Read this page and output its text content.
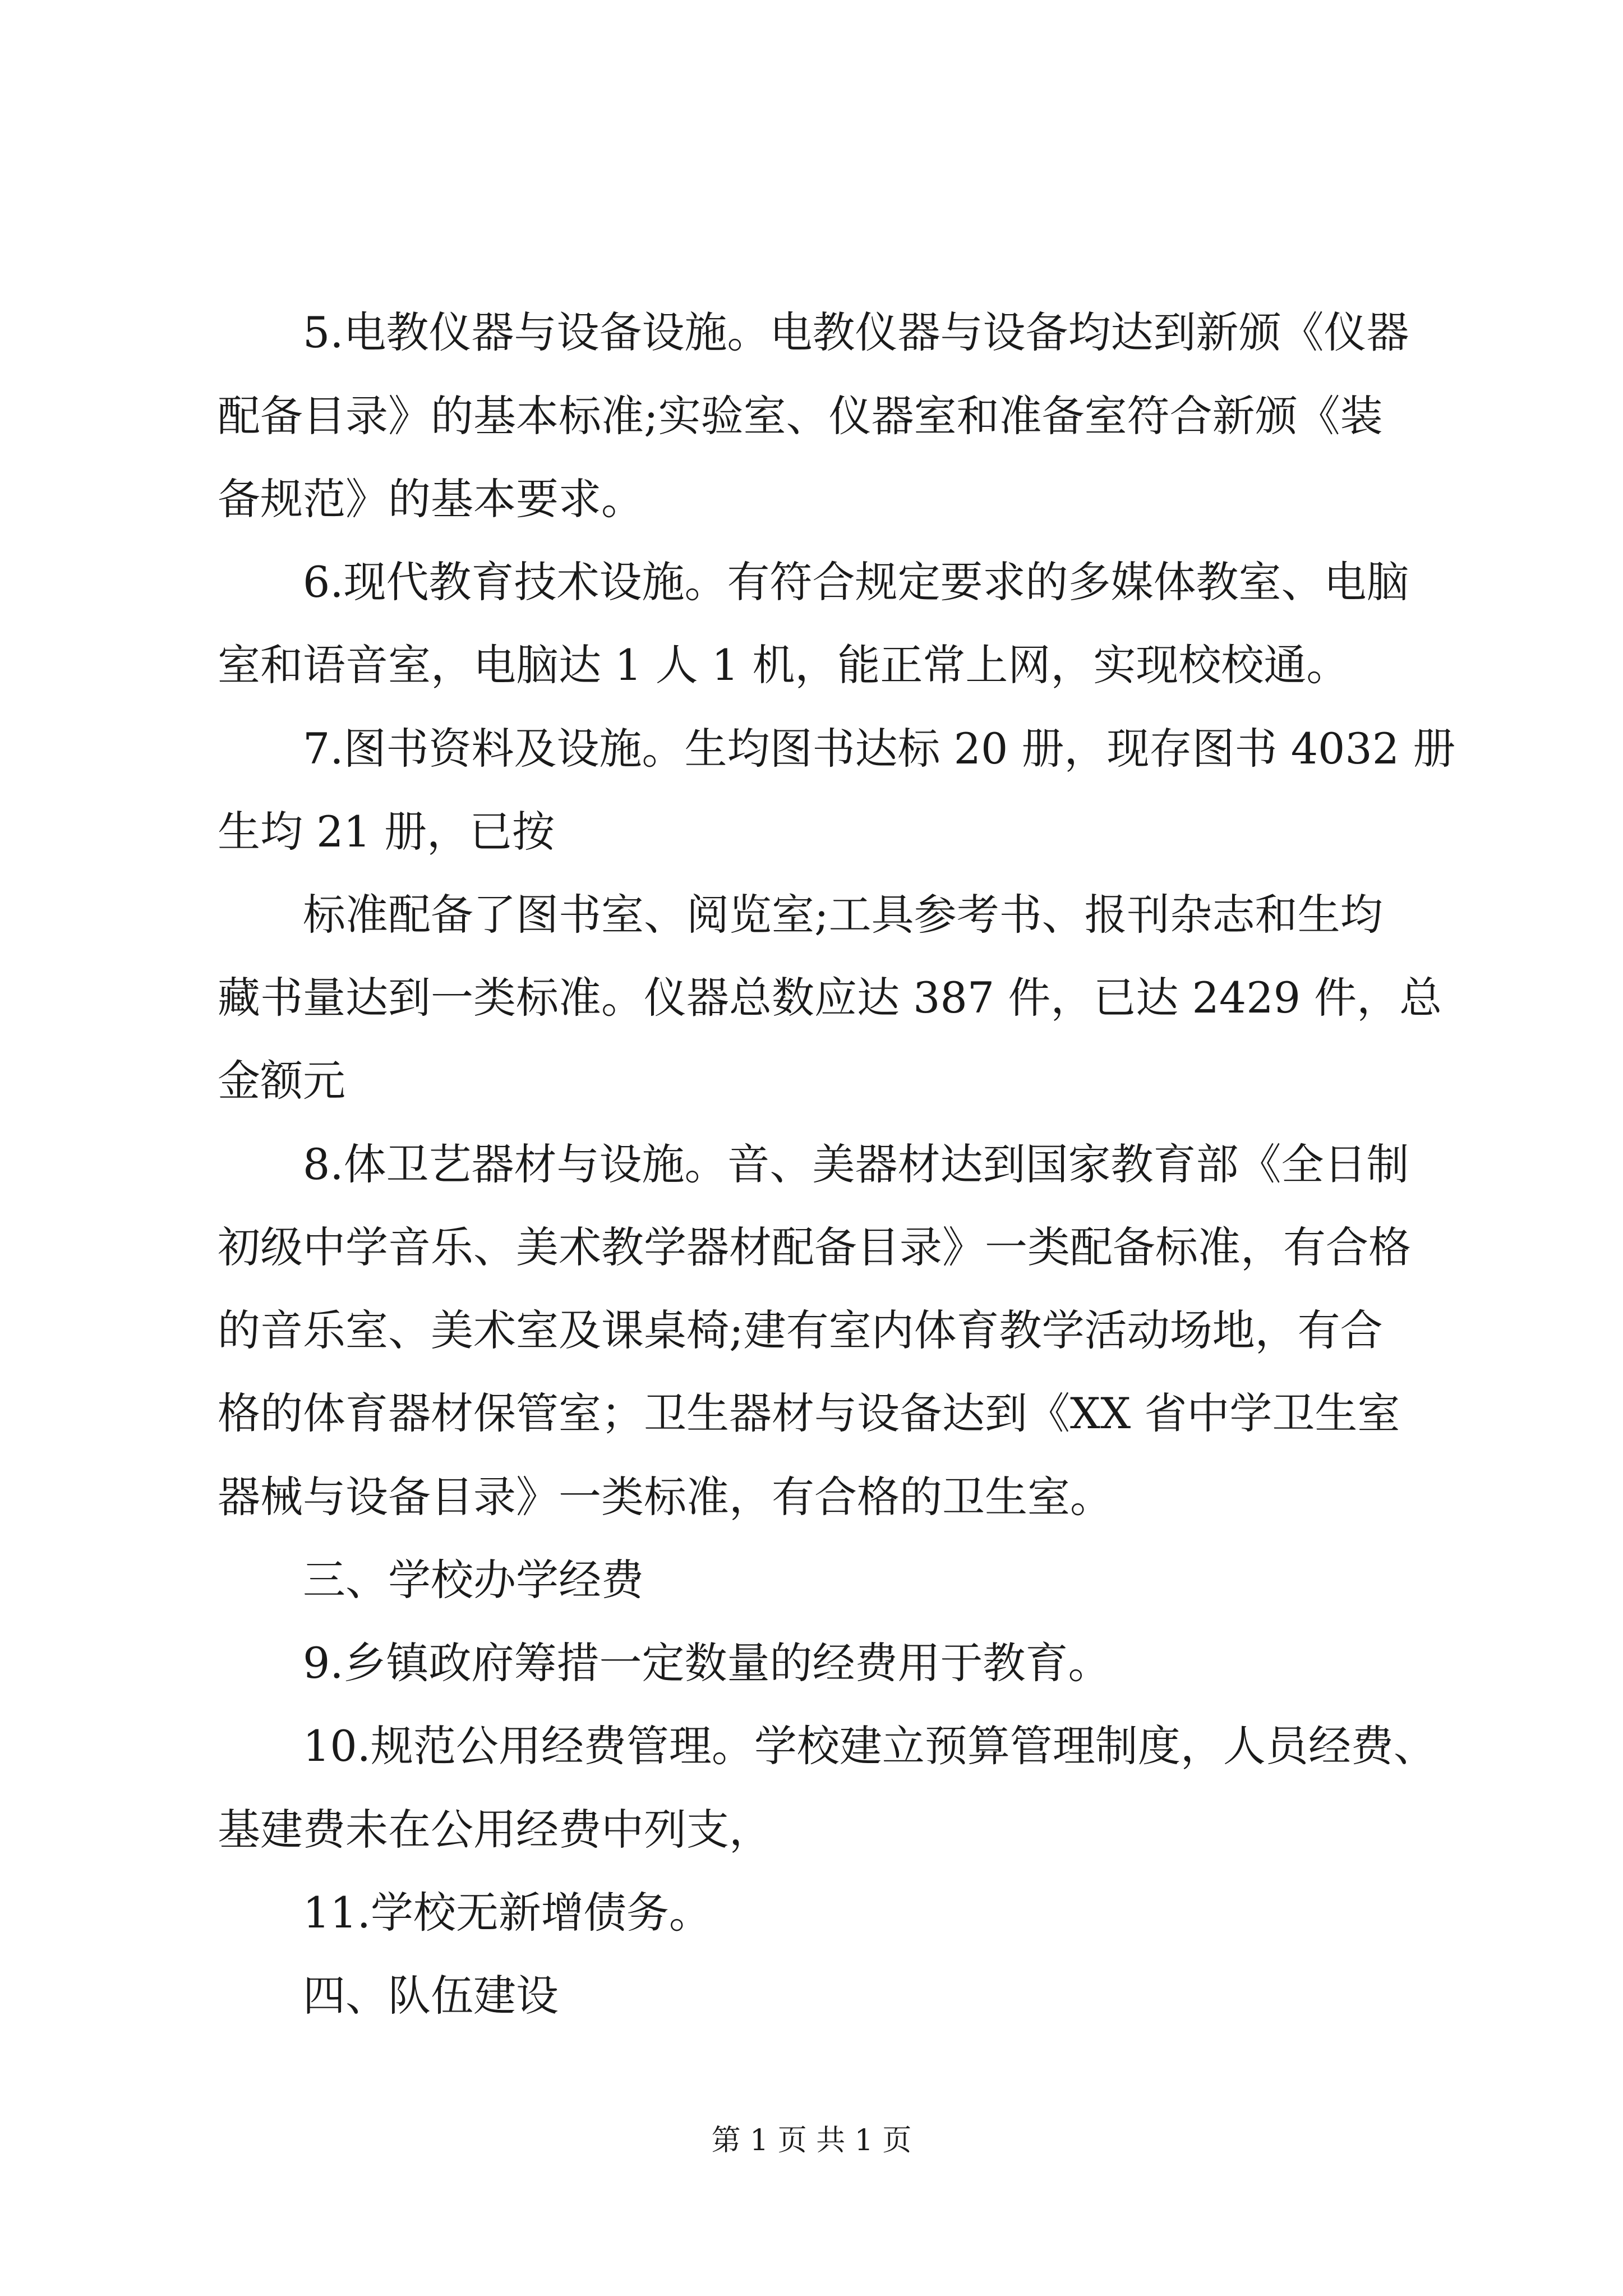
5.电教仪器与设备设施。电教仪器与设备均达到新颁《仪器

配备目录》的基本标准;实验室、仪器室和准备室符合新颁《装

备规范》的基本要求。

6.现代教育技术设施。有符合规定要求的多媒体教室、电脑

室和语音室，电脑达 1 人 1 机，能正常上网，实现校校通。

7.图书资料及设施。生均图书达标 20 册，现存图书 4032 册

生均 21 册，已按

标准配备了图书室、阅览室;工具参考书、报刊杂志和生均

藏书量达到一类标准。仪器总数应达 387 件，已达 2429 件，总

金额元

8.体卫艺器材与设施。音、美器材达到国家教育部《全日制

初级中学音乐、美术教学器材配备目录》一类配备标准，有合格

的音乐室、美术室及课桌椅;建有室内体育教学活动场地，有合

格的体育器材保管室；卫生器材与设备达到《XX 省中学卫生室

器械与设备目录》一类标准，有合格的卫生室。

三、学校办学经费

9.乡镇政府筹措一定数量的经费用于教育。

10.规范公用经费管理。学校建立预算管理制度，人员经费、

基建费未在公用经费中列支，

11.学校无新增债务。

四、队伍建设

第 1 页 共 1 页
